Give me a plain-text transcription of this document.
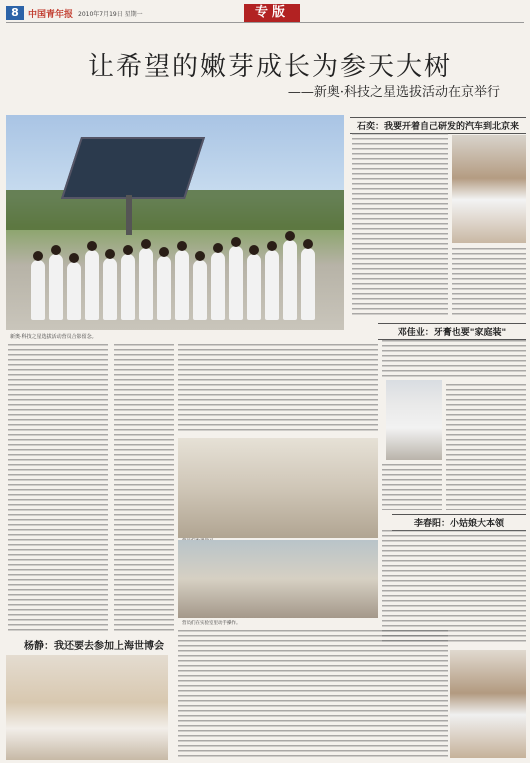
8	中国青年报 2010年7月19日 星期一	专版
让希望的嫩芽成长为参天大树
——新奥·科技之星选拔活动在京举行
新奥·科技之星选拔活动营员合影留念。
石奕：我要开着自己研发的汽车到北京来
邓佳业：牙膏也要"家庭装"
营员们在实验室里动手操作。
李春阳：小姑娘大本领
杨静：我还要去参加上海世博会
